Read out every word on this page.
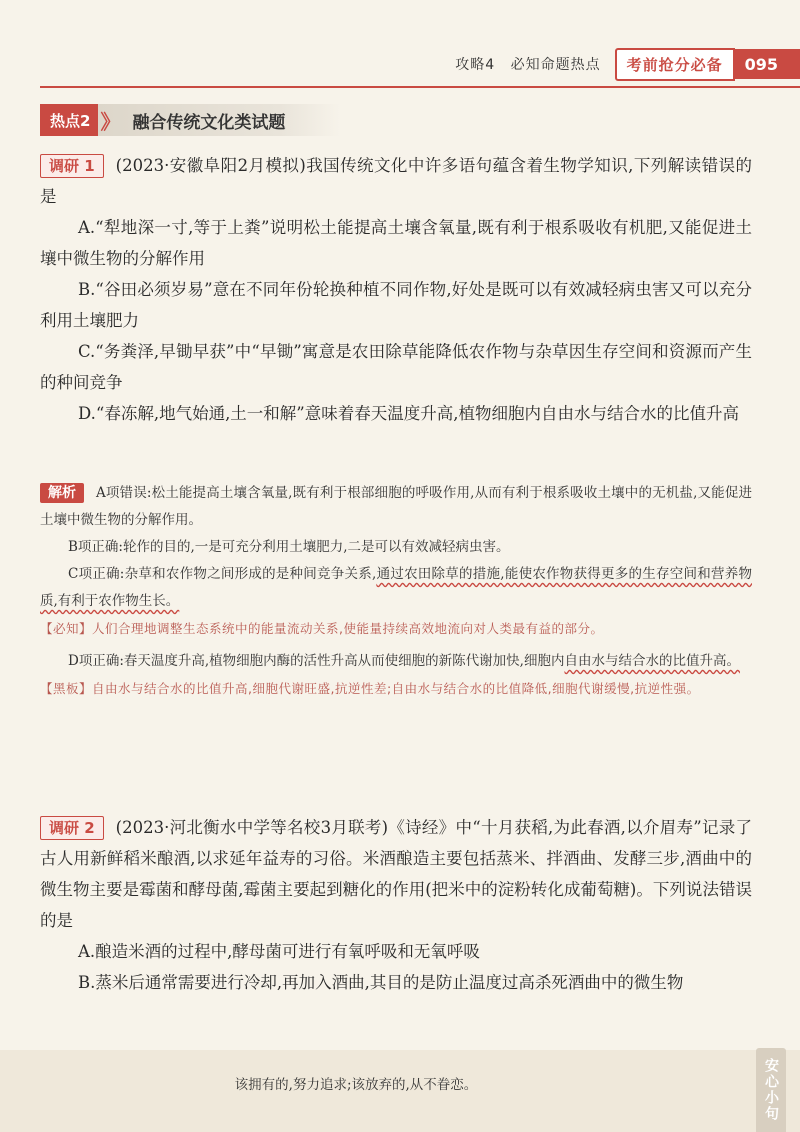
攻略4 必知命题热点	考前抢分必备	095
热点2 》 融合传统文化类试题

调研 1 (2023·安徽阜阳2月模拟)我国传统文化中许多语句蕴含着生物学知识,下列解读错误的是

A.“犁地深一寸,等于上粪”说明松土能提高土壤含氧量,既有利于根系吸收有机肥,又能促进土壤中微生物的分解作用

B.“谷田必须岁易”意在不同年份轮换种植不同作物,好处是既可以有效减轻病虫害又可以充分利用土壤肥力

C.“务粪泽,早锄早获”中“早锄”寓意是农田除草能降低农作物与杂草因生存空间和资源而产生的种间竞争

D.“春冻解,地气始通,土一和解”意味着春天温度升高,植物细胞内自由水与结合水的比值升高

解析 A项错误:松土能提高土壤含氧量,既有利于根部细胞的呼吸作用,从而有利于根系吸收土壤中的无机盐,又能促进土壤中微生物的分解作用。

B项正确:轮作的目的,一是可充分利用土壤肥力,二是可以有效减轻病虫害。

C项正确:杂草和农作物之间形成的是种间竞争关系,通过农田除草的措施,能使农作物获得更多的生存空间和营养物质,有利于农作物生长。

【必知】人们合理地调整生态系统中的能量流动关系,使能量持续高效地流向对人类最有益的部分。

D项正确:春天温度升高,植物细胞内酶的活性升高从而使细胞的新陈代谢加快,细胞内自由水与结合水的比值升高。

【黑板】自由水与结合水的比值升高,细胞代谢旺盛,抗逆性差;自由水与结合水的比值降低,细胞代谢缓慢,抗逆性强。

调研 2 (2023·河北衡水中学等名校3月联考)《诗经》中“十月获稻,为此春酒,以介眉寿”记录了古人用新鲜稻米酿酒,以求延年益寿的习俗。米酒酿造主要包括蒸米、拌酒曲、发酵三步,酒曲中的微生物主要是霉菌和酵母菌,霉菌主要起到糖化的作用(把米中的淀粉转化成葡萄糖)。下列说法错误的是

A.酿造米酒的过程中,酵母菌可进行有氧呼吸和无氧呼吸

B.蒸米后通常需要进行冷却,再加入酒曲,其目的是防止温度过高杀死酒曲中的微生物

该拥有的,努力追求;该放弃的,从不眷恋。	安心小句
